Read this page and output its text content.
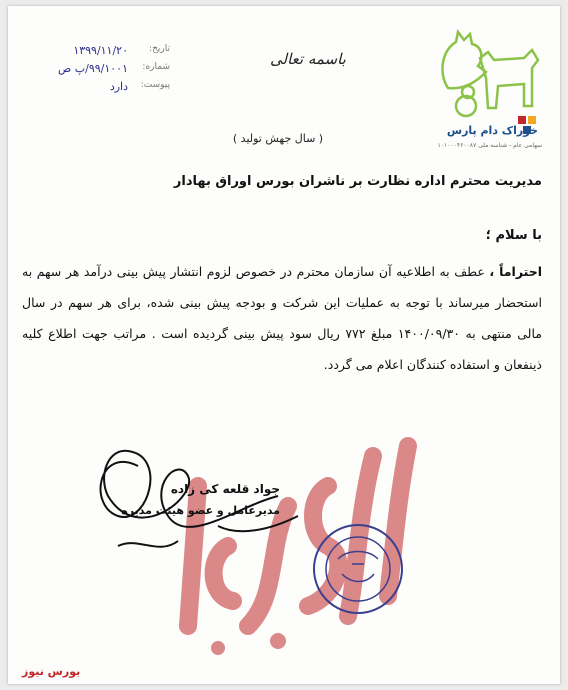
خوراک دام پارس
سهامی عام - شناسه ملی ۱۰۱۰۰۰۴۶۰۰۸۷
باسمه تعالی
تاریخ:
۱۳۹۹/۱۱/۲۰
شماره:
۹۹/۱۰۰۱/پ ص
پیوست:
دارد
( سال جهش تولید )
مدیریت محترم اداره نظارت بر ناشران بورس اوراق بهادار
با سلام ؛
احتراماً ، عطف به اطلاعیه آن سازمان محترم در خصوص لزوم انتشار پیش بینی درآمد هر سهم به استحضار میرساند با توجه به عملیات این شرکت و بودجه پیش بینی شده، برای هر سهم در سال مالی منتهی به ۱۴۰۰/۰۹/۳۰ مبلغ ۷۷۲ ریال سود پیش بینی گردیده است . مراتب جهت اطلاع کلیه ذینفعان و استفاده کنندگان اعلام می گردد.
جواد قلعه کی زاده
مدیرعامل و عضو هیئت مدیره
بورس نیوز
